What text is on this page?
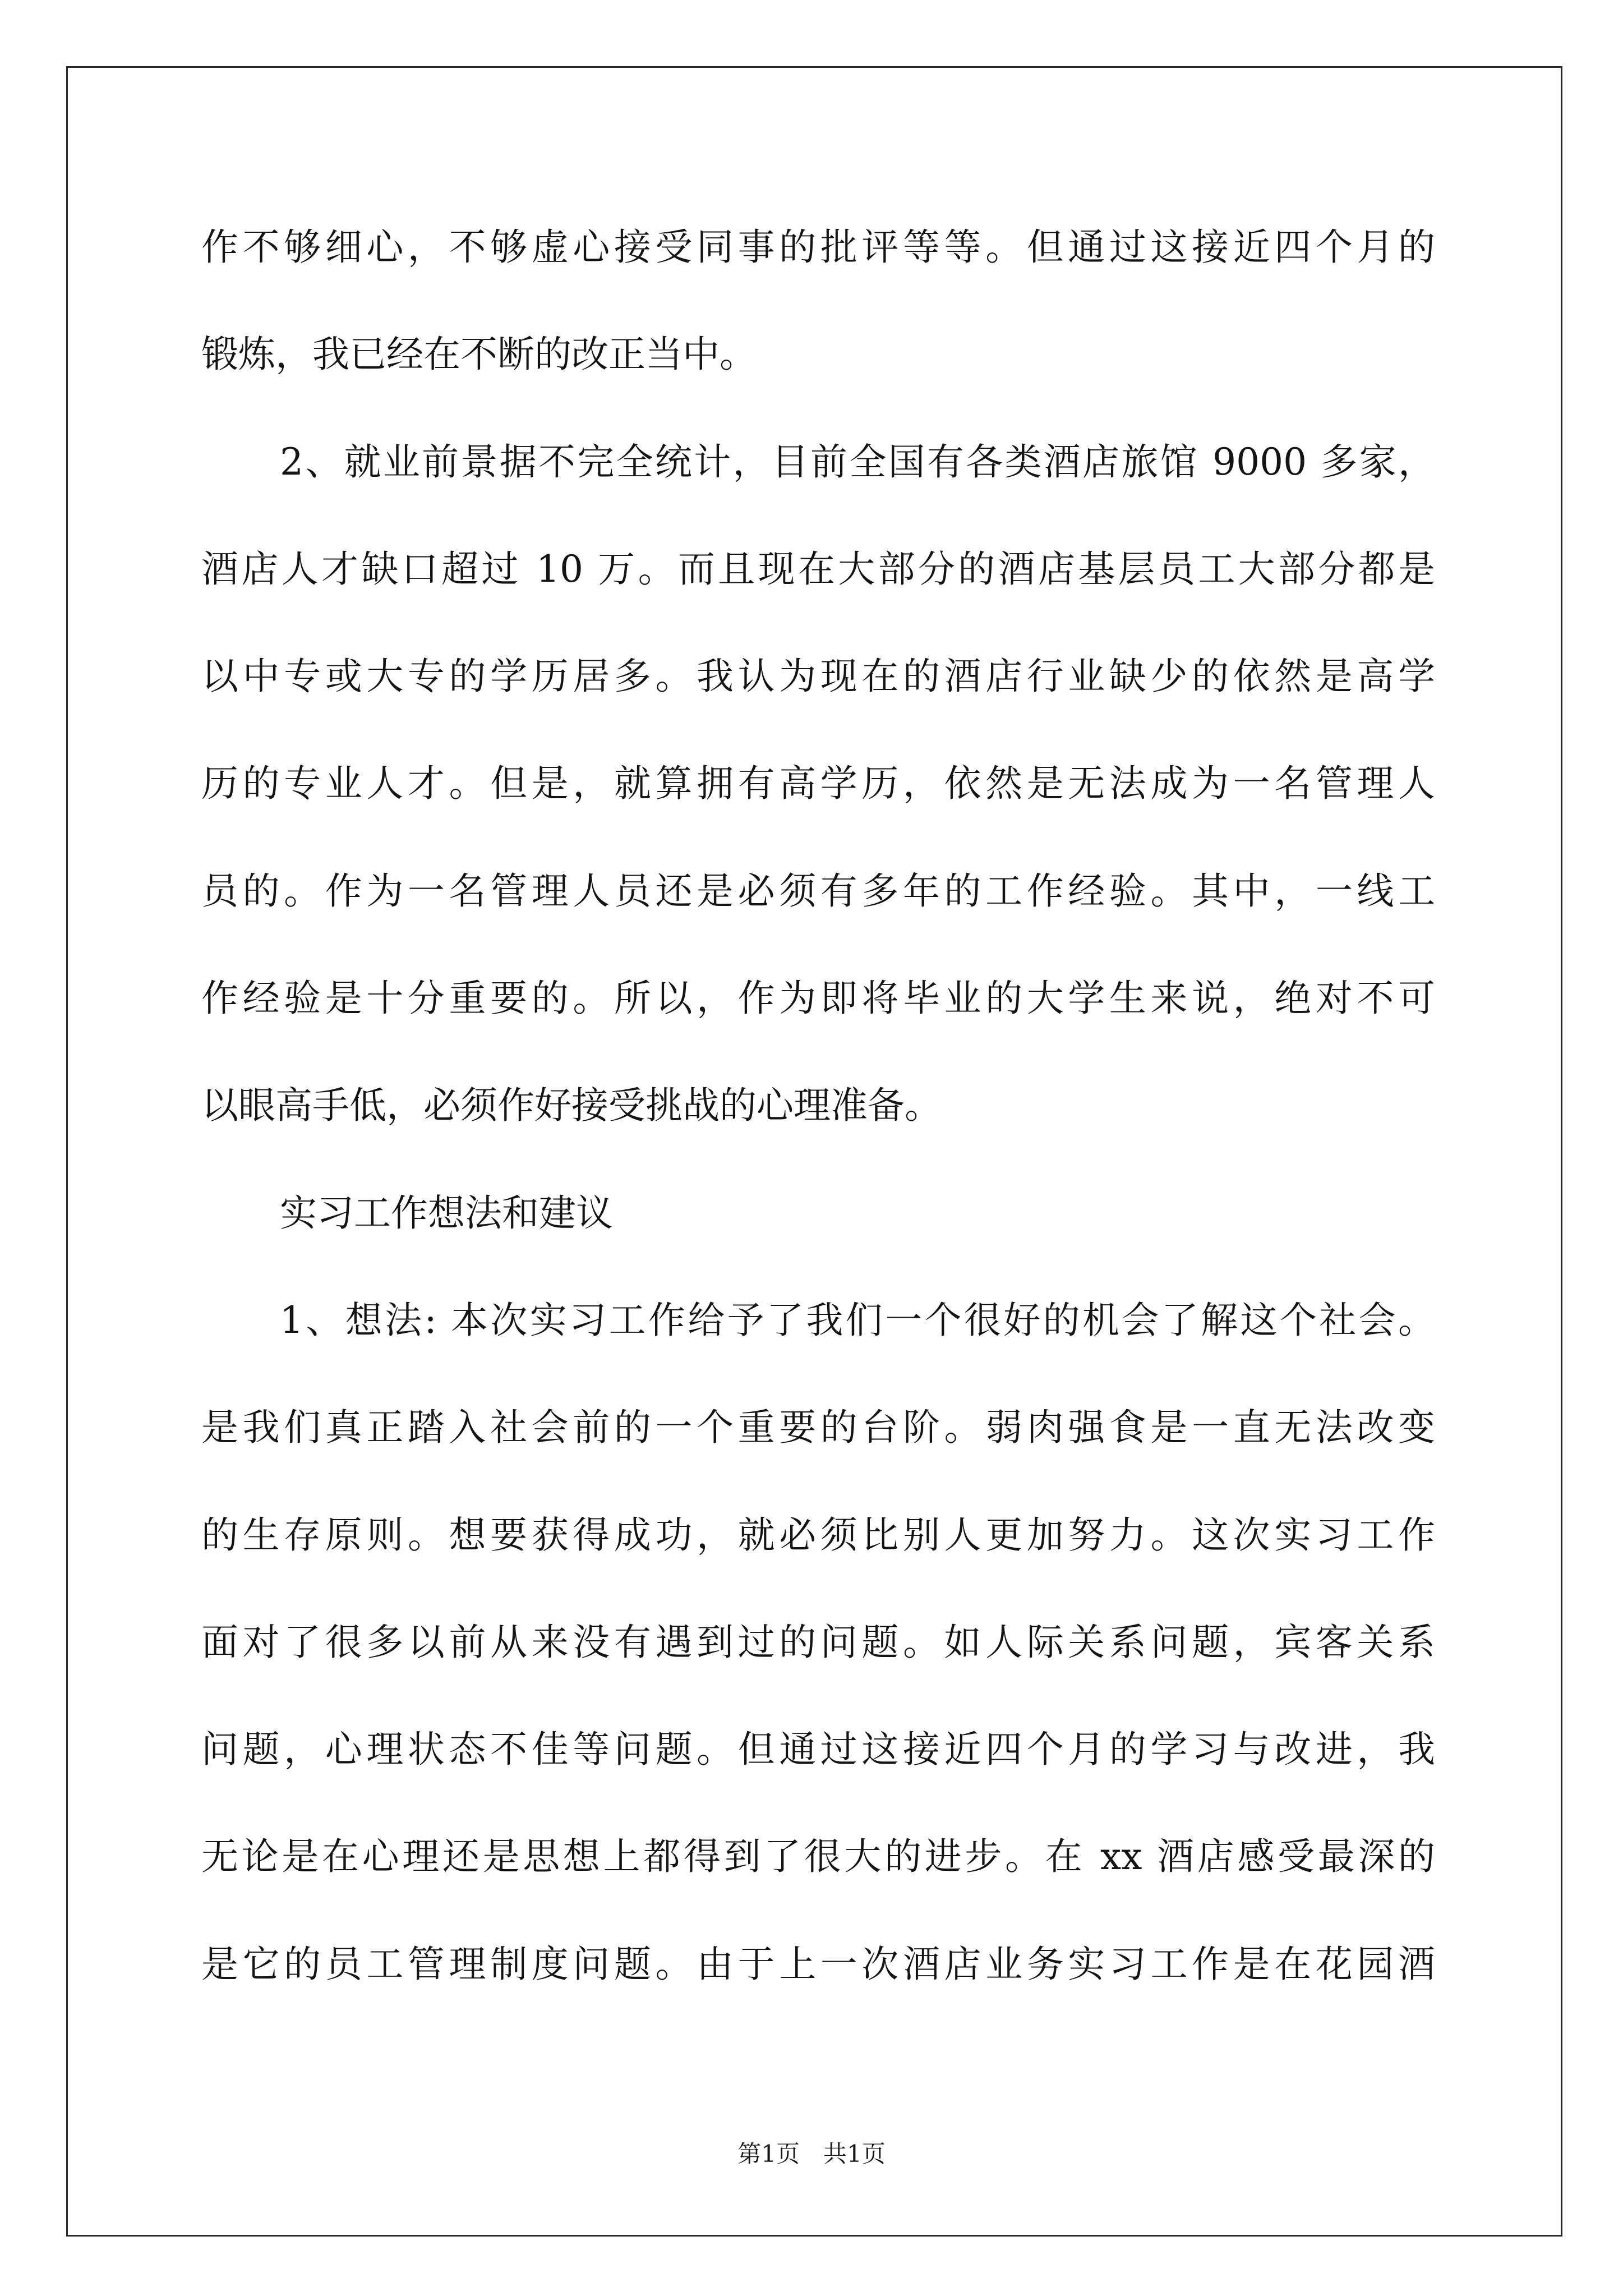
作不够细心，不够虚心接受同事的批评等等。但通过这接近四个月的
锻炼，我已经在不断的改正当中。
2、就业前景据不完全统计，目前全国有各类酒店旅馆 9000 多家，
酒店人才缺口超过 10 万。而且现在大部分的酒店基层员工大部分都是
以中专或大专的学历居多。我认为现在的酒店行业缺少的依然是高学
历的专业人才。但是，就算拥有高学历，依然是无法成为一名管理人
员的。作为一名管理人员还是必须有多年的工作经验。其中，一线工
作经验是十分重要的。所以，作为即将毕业的大学生来说，绝对不可
以眼高手低，必须作好接受挑战的心理准备。
实习工作想法和建议
1、想法: 本次实习工作给予了我们一个很好的机会了解这个社会。
是我们真正踏入社会前的一个重要的台阶。弱肉强食是一直无法改变
的生存原则。想要获得成功，就必须比别人更加努力。这次实习工作
面对了很多以前从来没有遇到过的问题。如人际关系问题，宾客关系
问题，心理状态不佳等问题。但通过这接近四个月的学习与改进，我
无论是在心理还是思想上都得到了很大的进步。在 xx 酒店感受最深的
是它的员工管理制度问题。由于上一次酒店业务实习工作是在花园酒
第1页　共1页
